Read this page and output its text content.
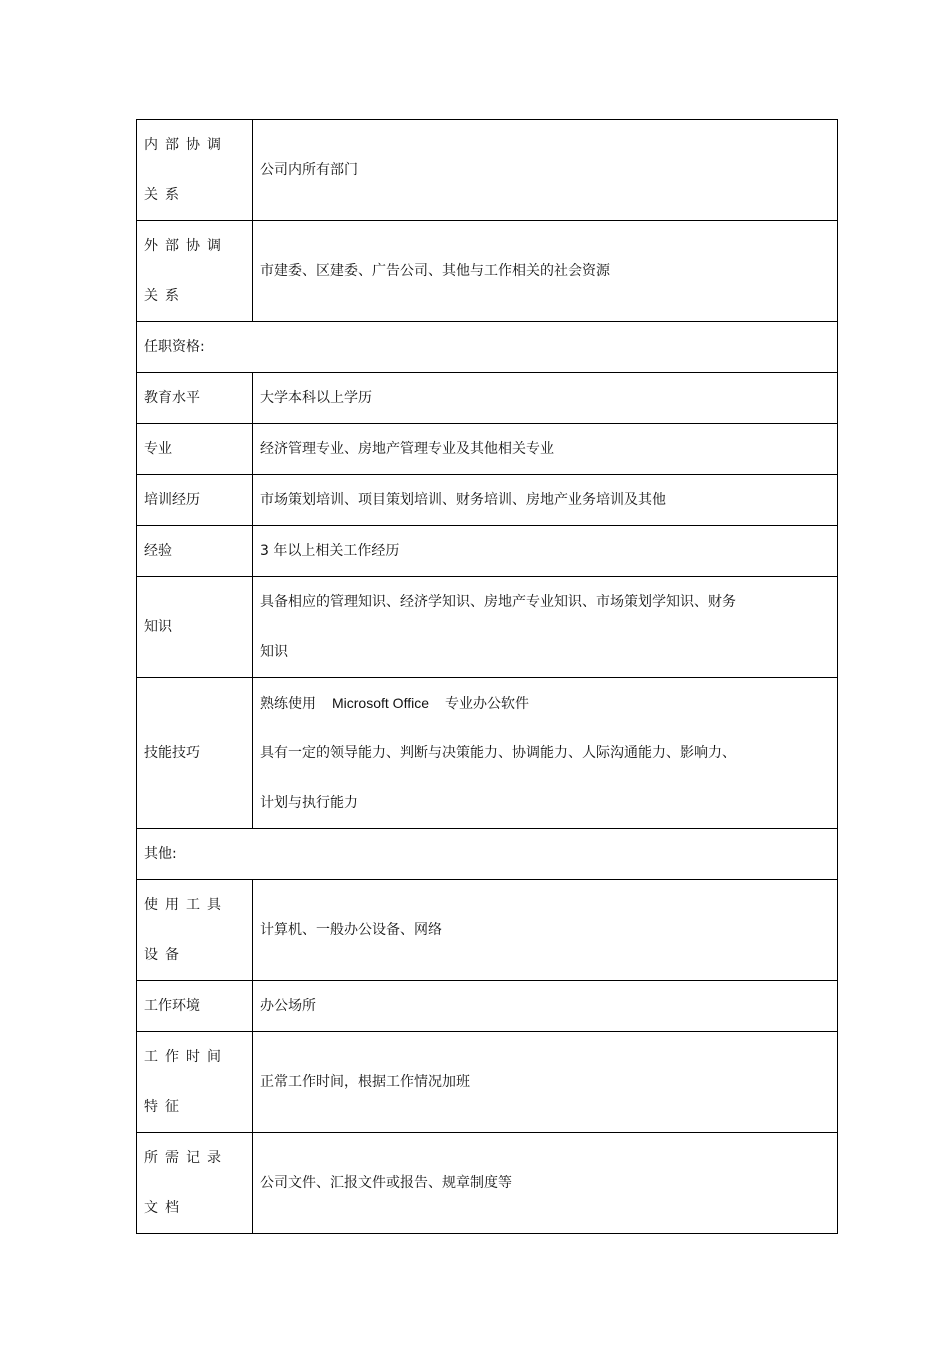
内部协调关系	公司内所有部门
外部协调关系	市建委、区建委、广告公司、其他与工作相关的社会资源
任职资格:	
教育水平	大学本科以上学历
专业	经济管理专业、房地产管理专业及其他相关专业
培训经历	市场策划培训、项目策划培训、财务培训、房地产业务培训及其他
经验	3 年以上相关工作经历
知识	具备相应的管理知识、经济学知识、房地产专业知识、市场策划学知识、财务
知识

技能技巧	熟练使用 Microsoft Office 专业办公软件
具有一定的领导能力、判断与决策能力、协调能力、人际沟通能力、影响力、
计划与执行能力

其他:	
使用工具设备	计算机、一般办公设备、网络
工作环境	办公场所
工作时间特征	正常工作时间，根据工作情况加班
所需记录文档	公司文件、汇报文件或报告、规章制度等
